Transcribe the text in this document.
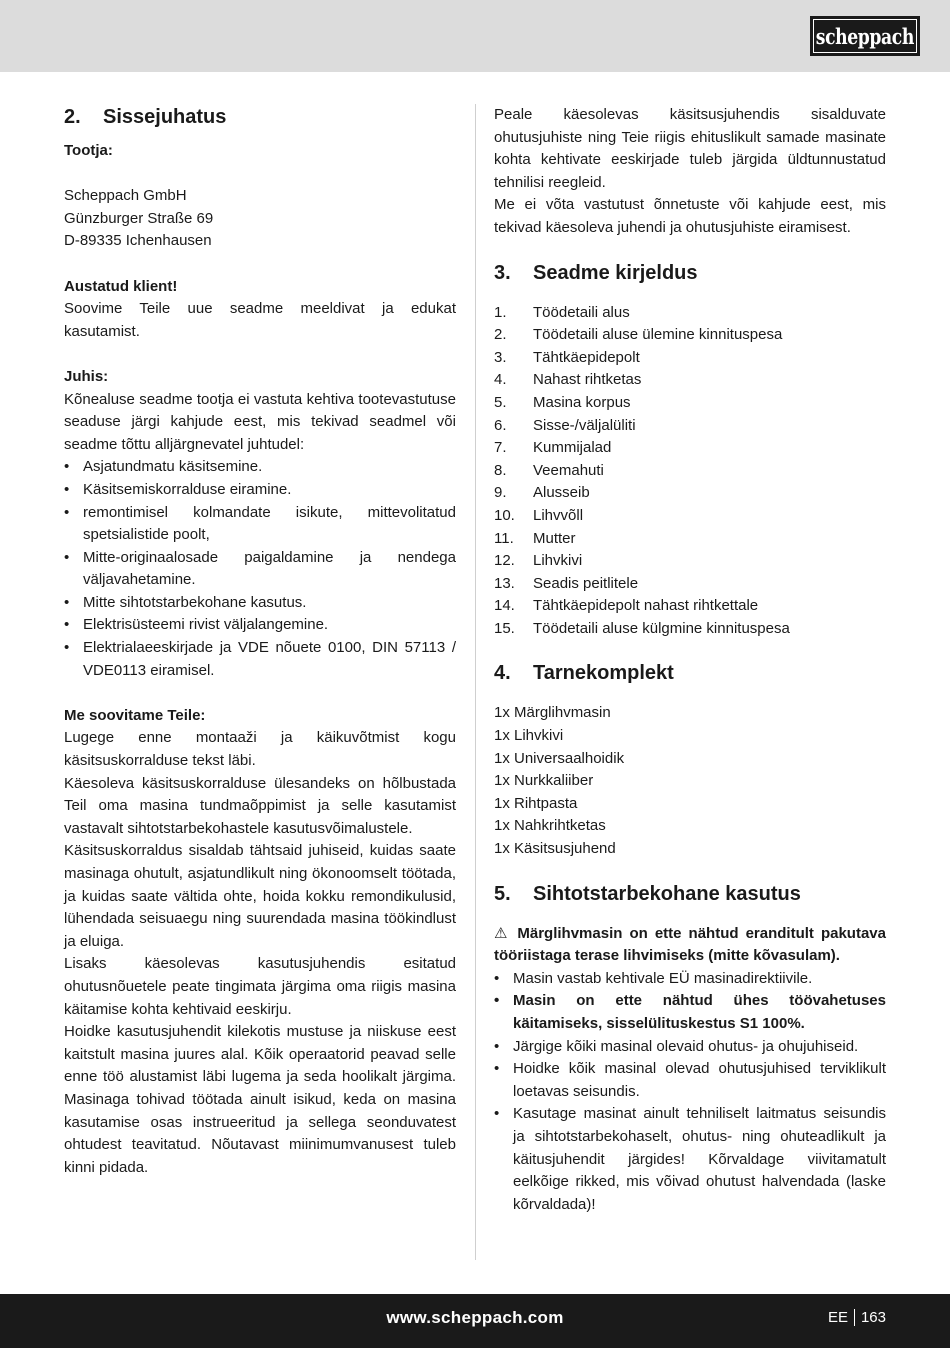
scheppach
2.	Sissejuhatus

Tootja:

Scheppach GmbH

Günzburger Straße 69

D-89335 Ichenhausen

Austatud klient!

Soovime Teile uue seadme meeldivat ja edukat kasutamist.

Juhis:

Kõnealuse seadme tootja ei vastuta kehtiva tootevastutuse seaduse järgi kahjude eest, mis tekivad seadmel või seadme tõttu alljärgnevatel juhtudel:

• Asjatundmatu käsitsemine.
• Käsitsemiskorralduse eiramine.
• remontimisel kolmandate isikute, mittevolitatud spetsialistide poolt,
• Mitte-originaalosade paigaldamine ja nendega väljavahetamine.
• Mitte sihtotstarbekohane kasutus.
• Elektrisüsteemi rivist väljalangemine.
• Elektrialaeeskirjade ja VDE nõuete 0100, DIN 57113 / VDE0113 eiramisel.

Me soovitame Teile:

Lugege enne montaaži ja käikuvõtmist kogu käsitsuskorralduse tekst läbi.

Käesoleva käsitsuskorralduse ülesandeks on hõlbustada Teil oma masina tundmaõppimist ja selle kasutamist vastavalt sihtotstarbekohastele kasutusvõimalustele.

Käsitsuskorraldus sisaldab tähtsaid juhiseid, kuidas saate masinaga ohutult, asjatundlikult ning ökonoomselt töötada, ja kuidas saate vältida ohte, hoida kokku remondikulusid, lühendada seisuaegu ning suurendada masina töökindlust ja eluiga.

Lisaks käesolevas kasutusjuhendis esitatud ohutusnõuetele peate tingimata järgima oma riigis masina käitamise kohta kehtivaid eeskirju.

Hoidke kasutusjuhendit kilekotis mustuse ja niiskuse eest kaitstult masina juures alal. Kõik operaatorid peavad selle enne töö alustamist läbi lugema ja seda hoolikalt järgima. Masinaga tohivad töötada ainult isikud, keda on masina kasutamise osas instrueeritud ja sellega seonduvatest ohtudest teavitatud. Nõutavast miinimumvanusest tuleb kinni pidada.

Peale käesolevas käsitsusjuhendis sisalduvate ohutusjuhiste ning Teie riigis ehituslikult samade masinate kohta kehtivate eeskirjade tuleb järgida üldtunnustatud tehnilisi reegleid.

Me ei võta vastutust õnnetuste või kahjude eest, mis tekivad käesoleva juhendi ja ohutusjuhiste eiramisest.

3.	Seadme kirjeldus
1.	Töödetaili alus
2.	Töödetaili aluse ülemine kinnituspesa
3.	Tähtkäepidepolt
4.	Nahast rihtketas
5.	Masina korpus
6.	Sisse-/väljalüliti
7.	Kummijalad
8.	Veemahuti
9.	Alusseib
10.	Lihvvõll
11.	Mutter
12.	Lihvkivi
13.	Seadis peitlitele
14.	Tähtkäepidepolt nahast rihtkettale
15.	Töödetaili aluse külgmine kinnituspesa
4.	Tarnekomplekt
1x Märglihvmasin
1x Lihvkivi
1x Universaalhoidik
1x Nurkkaliiber
1x Rihtpasta
1x Nahkrihtketas
1x Käsitsusjuhend
5.	Sihtotstarbekohane kasutus

⚠ Märglihvmasin on ette nähtud eranditult pakutava tööriistaga terase lihvimiseks (mitte kõvasulam).

• Masin vastab kehtivale EÜ masinadirektiivile.
• Masin on ette nähtud ühes töövahetuses käitamiseks, sisselülituskestus S1 100%.
• Järgige kõiki masinal olevaid ohutus- ja ohujuhiseid.
• Hoidke kõik masinal olevad ohutusjuhised terviklikult loetavas seisundis.
• Kasutage masinat ainult tehniliselt laitmatus seisundis ja sihtotstarbekohaselt, ohutus- ning ohuteadlikult ja käitusjuhendit järgides! Kõrvaldage viivitamatult eelkõige rikked, mis võivad ohutust halvendada (laske kõrvaldada)!
www.scheppach.com	EE 163
